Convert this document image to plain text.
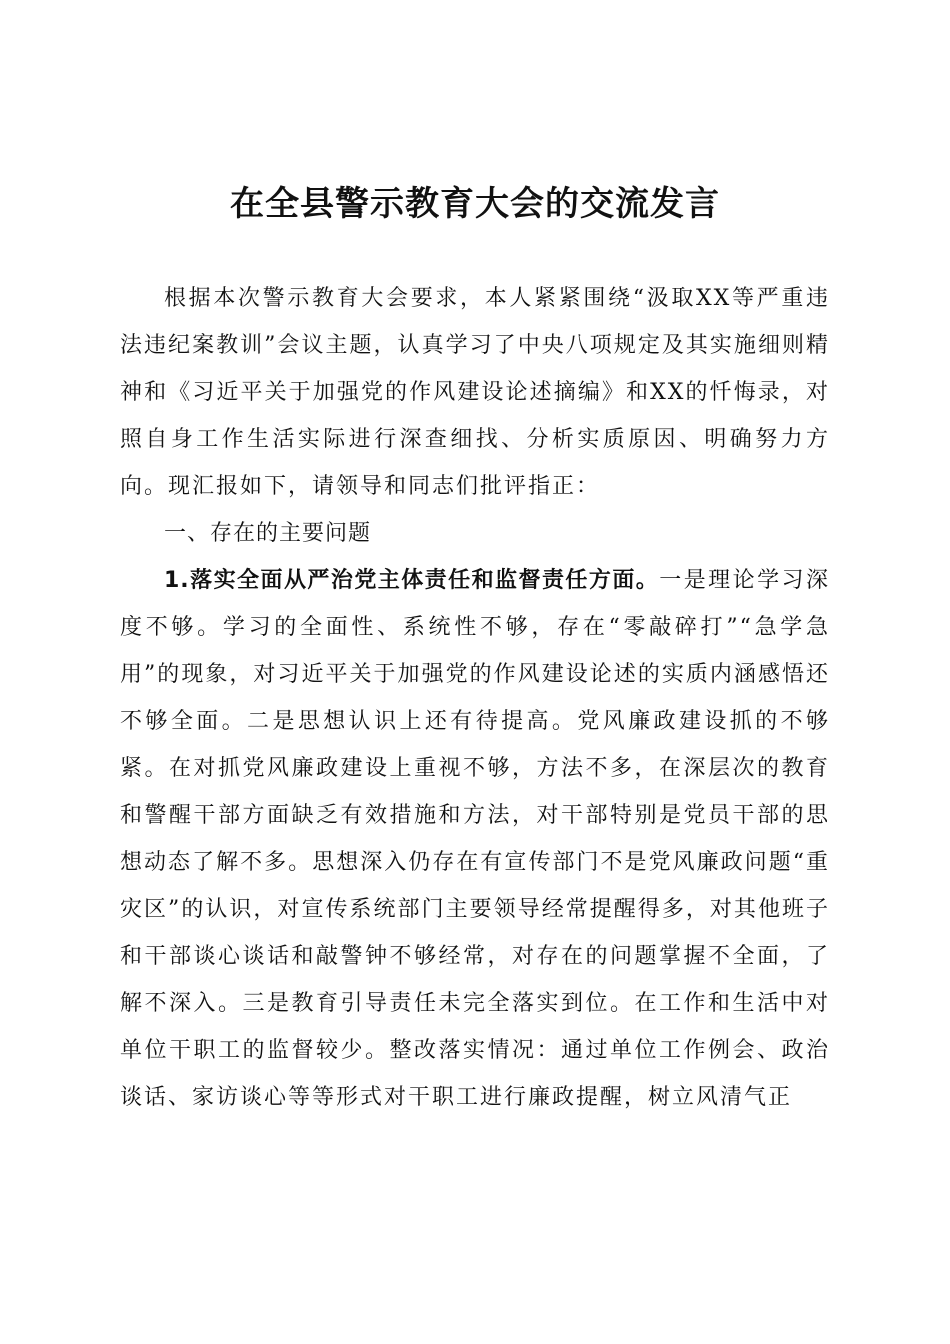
在全县警示教育大会的交流发言

根据本次警示教育大会要求，本人紧紧围绕“汲取XX等严重违法违纪案教训”会议主题，认真学习了中央八项规定及其实施细则精神和《习近平关于加强党的作风建设论述摘编》和XX的忏悔录，对照自身工作生活实际进行深查细找、分析实质原因、明确努力方向。现汇报如下，请领导和同志们批评指正：

一、存在的主要问题

1.落实全面从严治党主体责任和监督责任方面。一是理论学习深度不够。学习的全面性、系统性不够，存在“零敲碎打”“急学急用”的现象，对习近平关于加强党的作风建设论述的实质内涵感悟还不够全面。二是思想认识上还有待提高。党风廉政建设抓的不够紧。在对抓党风廉政建设上重视不够，方法不多，在深层次的教育和警醒干部方面缺乏有效措施和方法，对干部特别是党员干部的思想动态了解不多。思想深入仍存在有宣传部门不是党风廉政问题“重灾区”的认识，对宣传系统部门主要领导经常提醒得多，对其他班子和干部谈心谈话和敲警钟不够经常，对存在的问题掌握不全面，了解不深入。三是教育引导责任未完全落实到位。在工作和生活中对单位干职工的监督较少。整改落实情况：通过单位工作例会、政治谈话、家访谈心等等形式对干职工进行廉政提醒，树立风清气正
